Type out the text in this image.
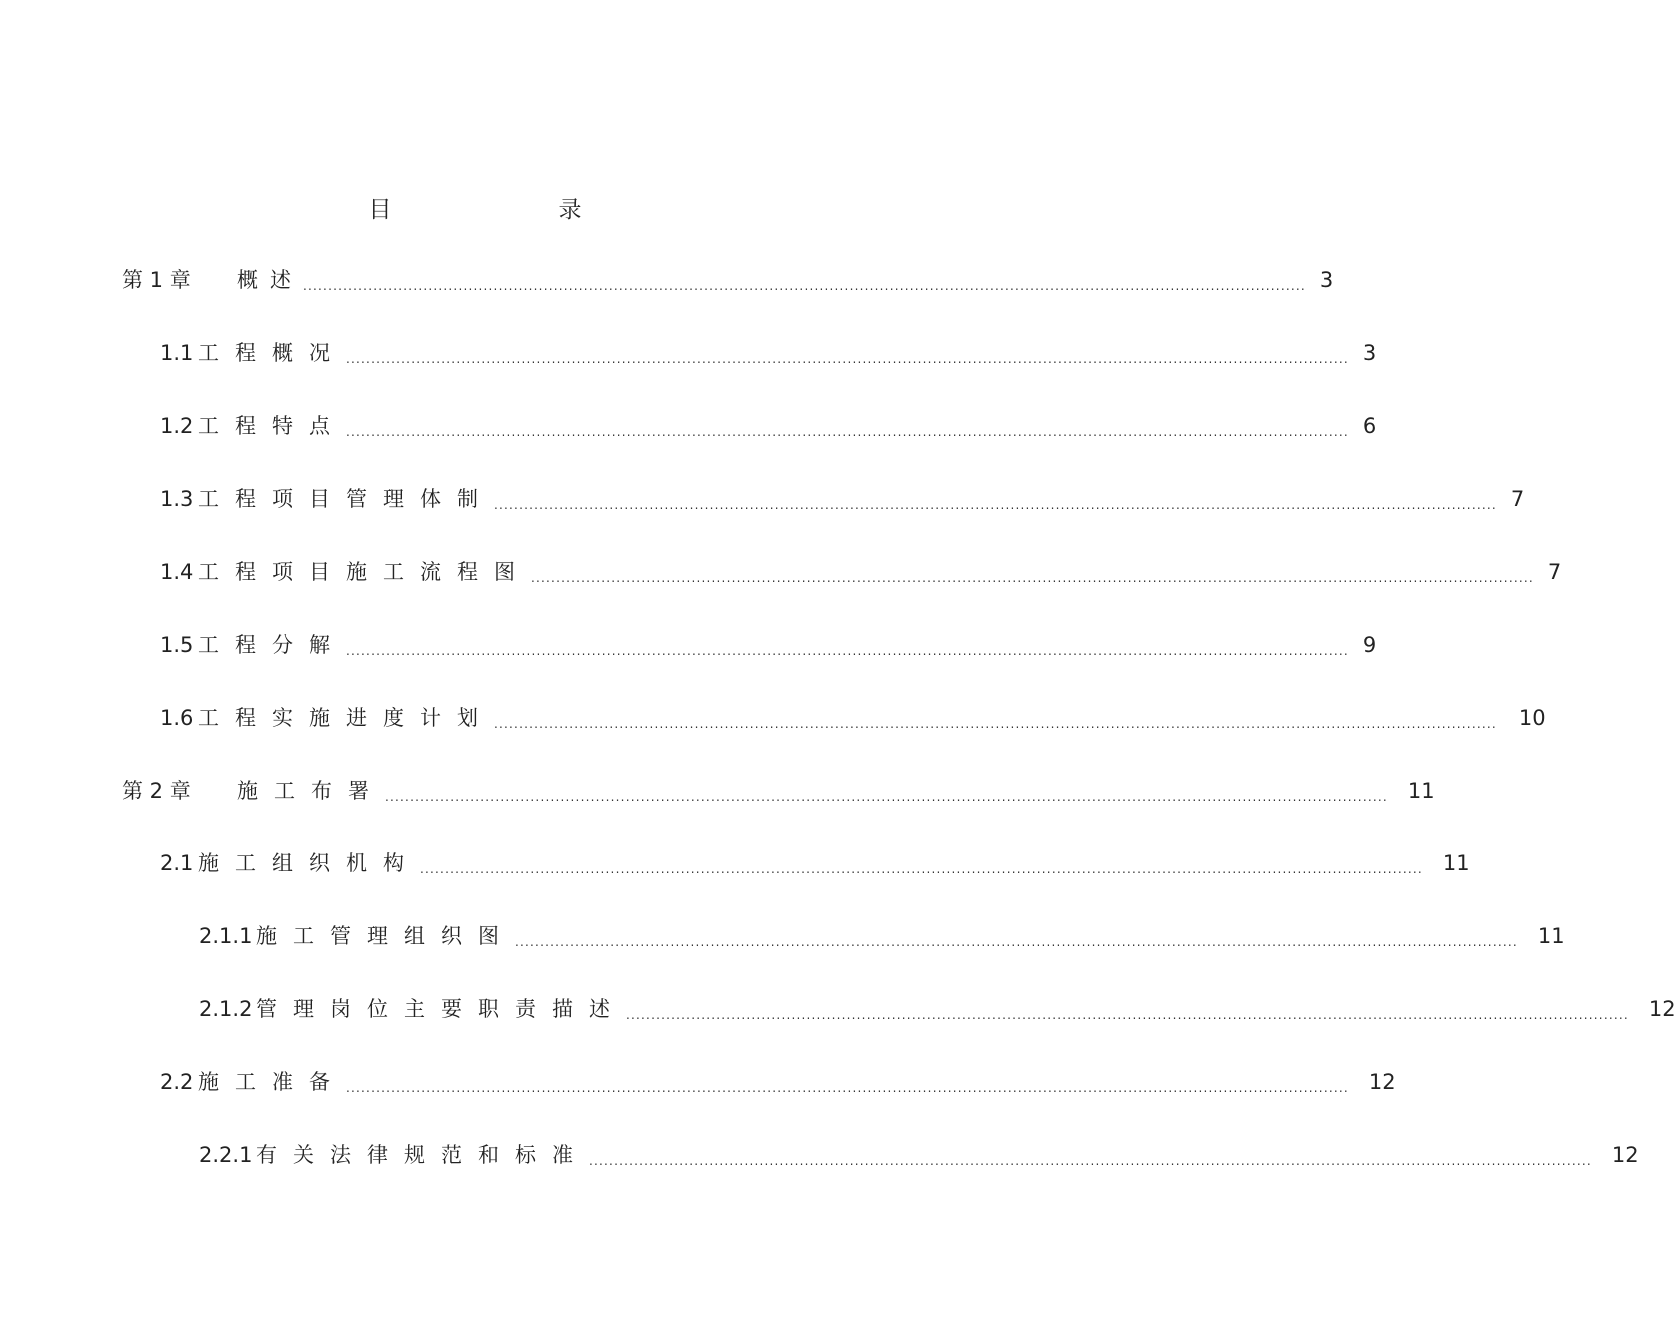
目　录
第 1 章	概述 ........................................................................................................................................................................................................ 3
1.1 工程概况 ........................................................................................................................................................................................................ 3
1.2 工程特点 ........................................................................................................................................................................................................ 6
1.3 工程项目管理体制 ........................................................................................................................................................................................................ 7
1.4 工程项目施工流程图 ........................................................................................................................................................................................................ 7
1.5 工程分解 ........................................................................................................................................................................................................ 9
1.6 工程实施进度计划 ........................................................................................................................................................................................................ 10
第 2 章	施工布署 ........................................................................................................................................................................................................ 11
2.1 施工组织机构 ........................................................................................................................................................................................................ 11
2.1.1 施工管理组织图 ........................................................................................................................................................................................................ 11
2.1.2 管理岗位主要职责描述 ........................................................................................................................................................................................................ 12
2.2 施工准备 ........................................................................................................................................................................................................ 12
2.2.1 有关法律规范和标准 ........................................................................................................................................................................................................ 12
